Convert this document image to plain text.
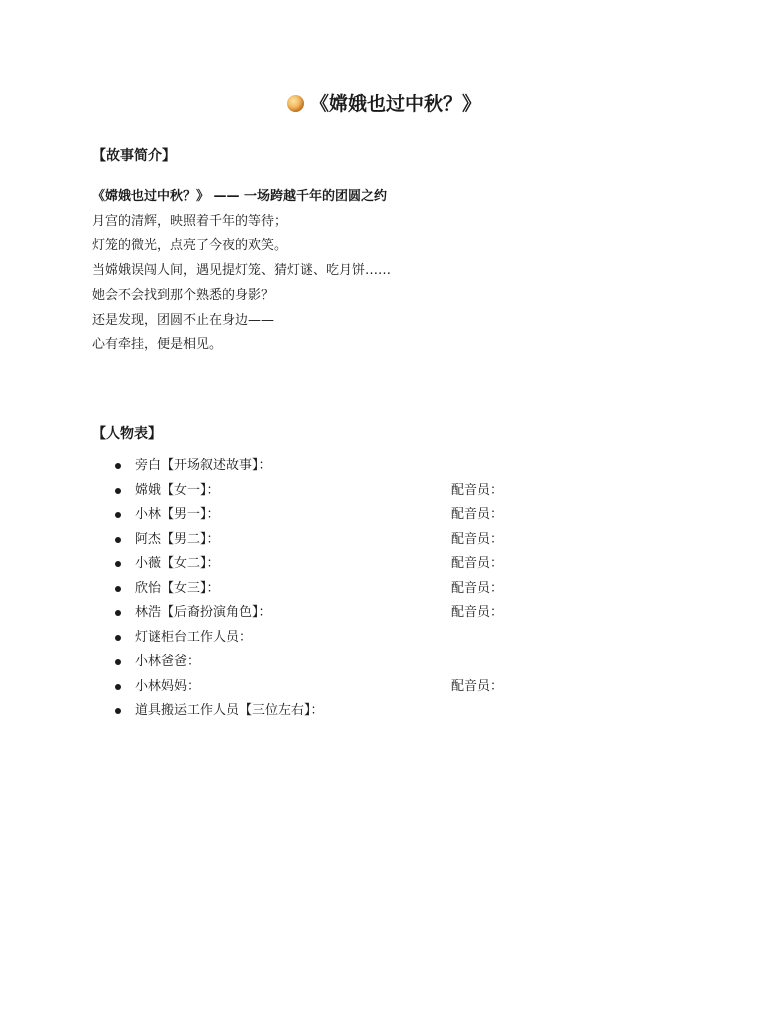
《嫦娥也过中秋？》
【故事简介】
《嫦娥也过中秋？》 —— 一场跨越千年的团圆之约
月宫的清辉，映照着千年的等待；
灯笼的微光，点亮了今夜的欢笑。
当嫦娥误闯人间，遇见提灯笼、猜灯谜、吃月饼……
她会不会找到那个熟悉的身影？
还是发现，团圆不止在身边——
心有牵挂，便是相见。
【人物表】
旁白【开场叙述故事】：
嫦娥【女一】：	配音员：
小林【男一】：	配音员：
阿杰【男二】：	配音员：
小薇【女二】：	配音员：
欣怡【女三】：	配音员：
林浩【后裔扮演角色】：	配音员：
灯谜柜台工作人员：
小林爸爸：
小林妈妈：	配音员：
道具搬运工作人员【三位左右】：
